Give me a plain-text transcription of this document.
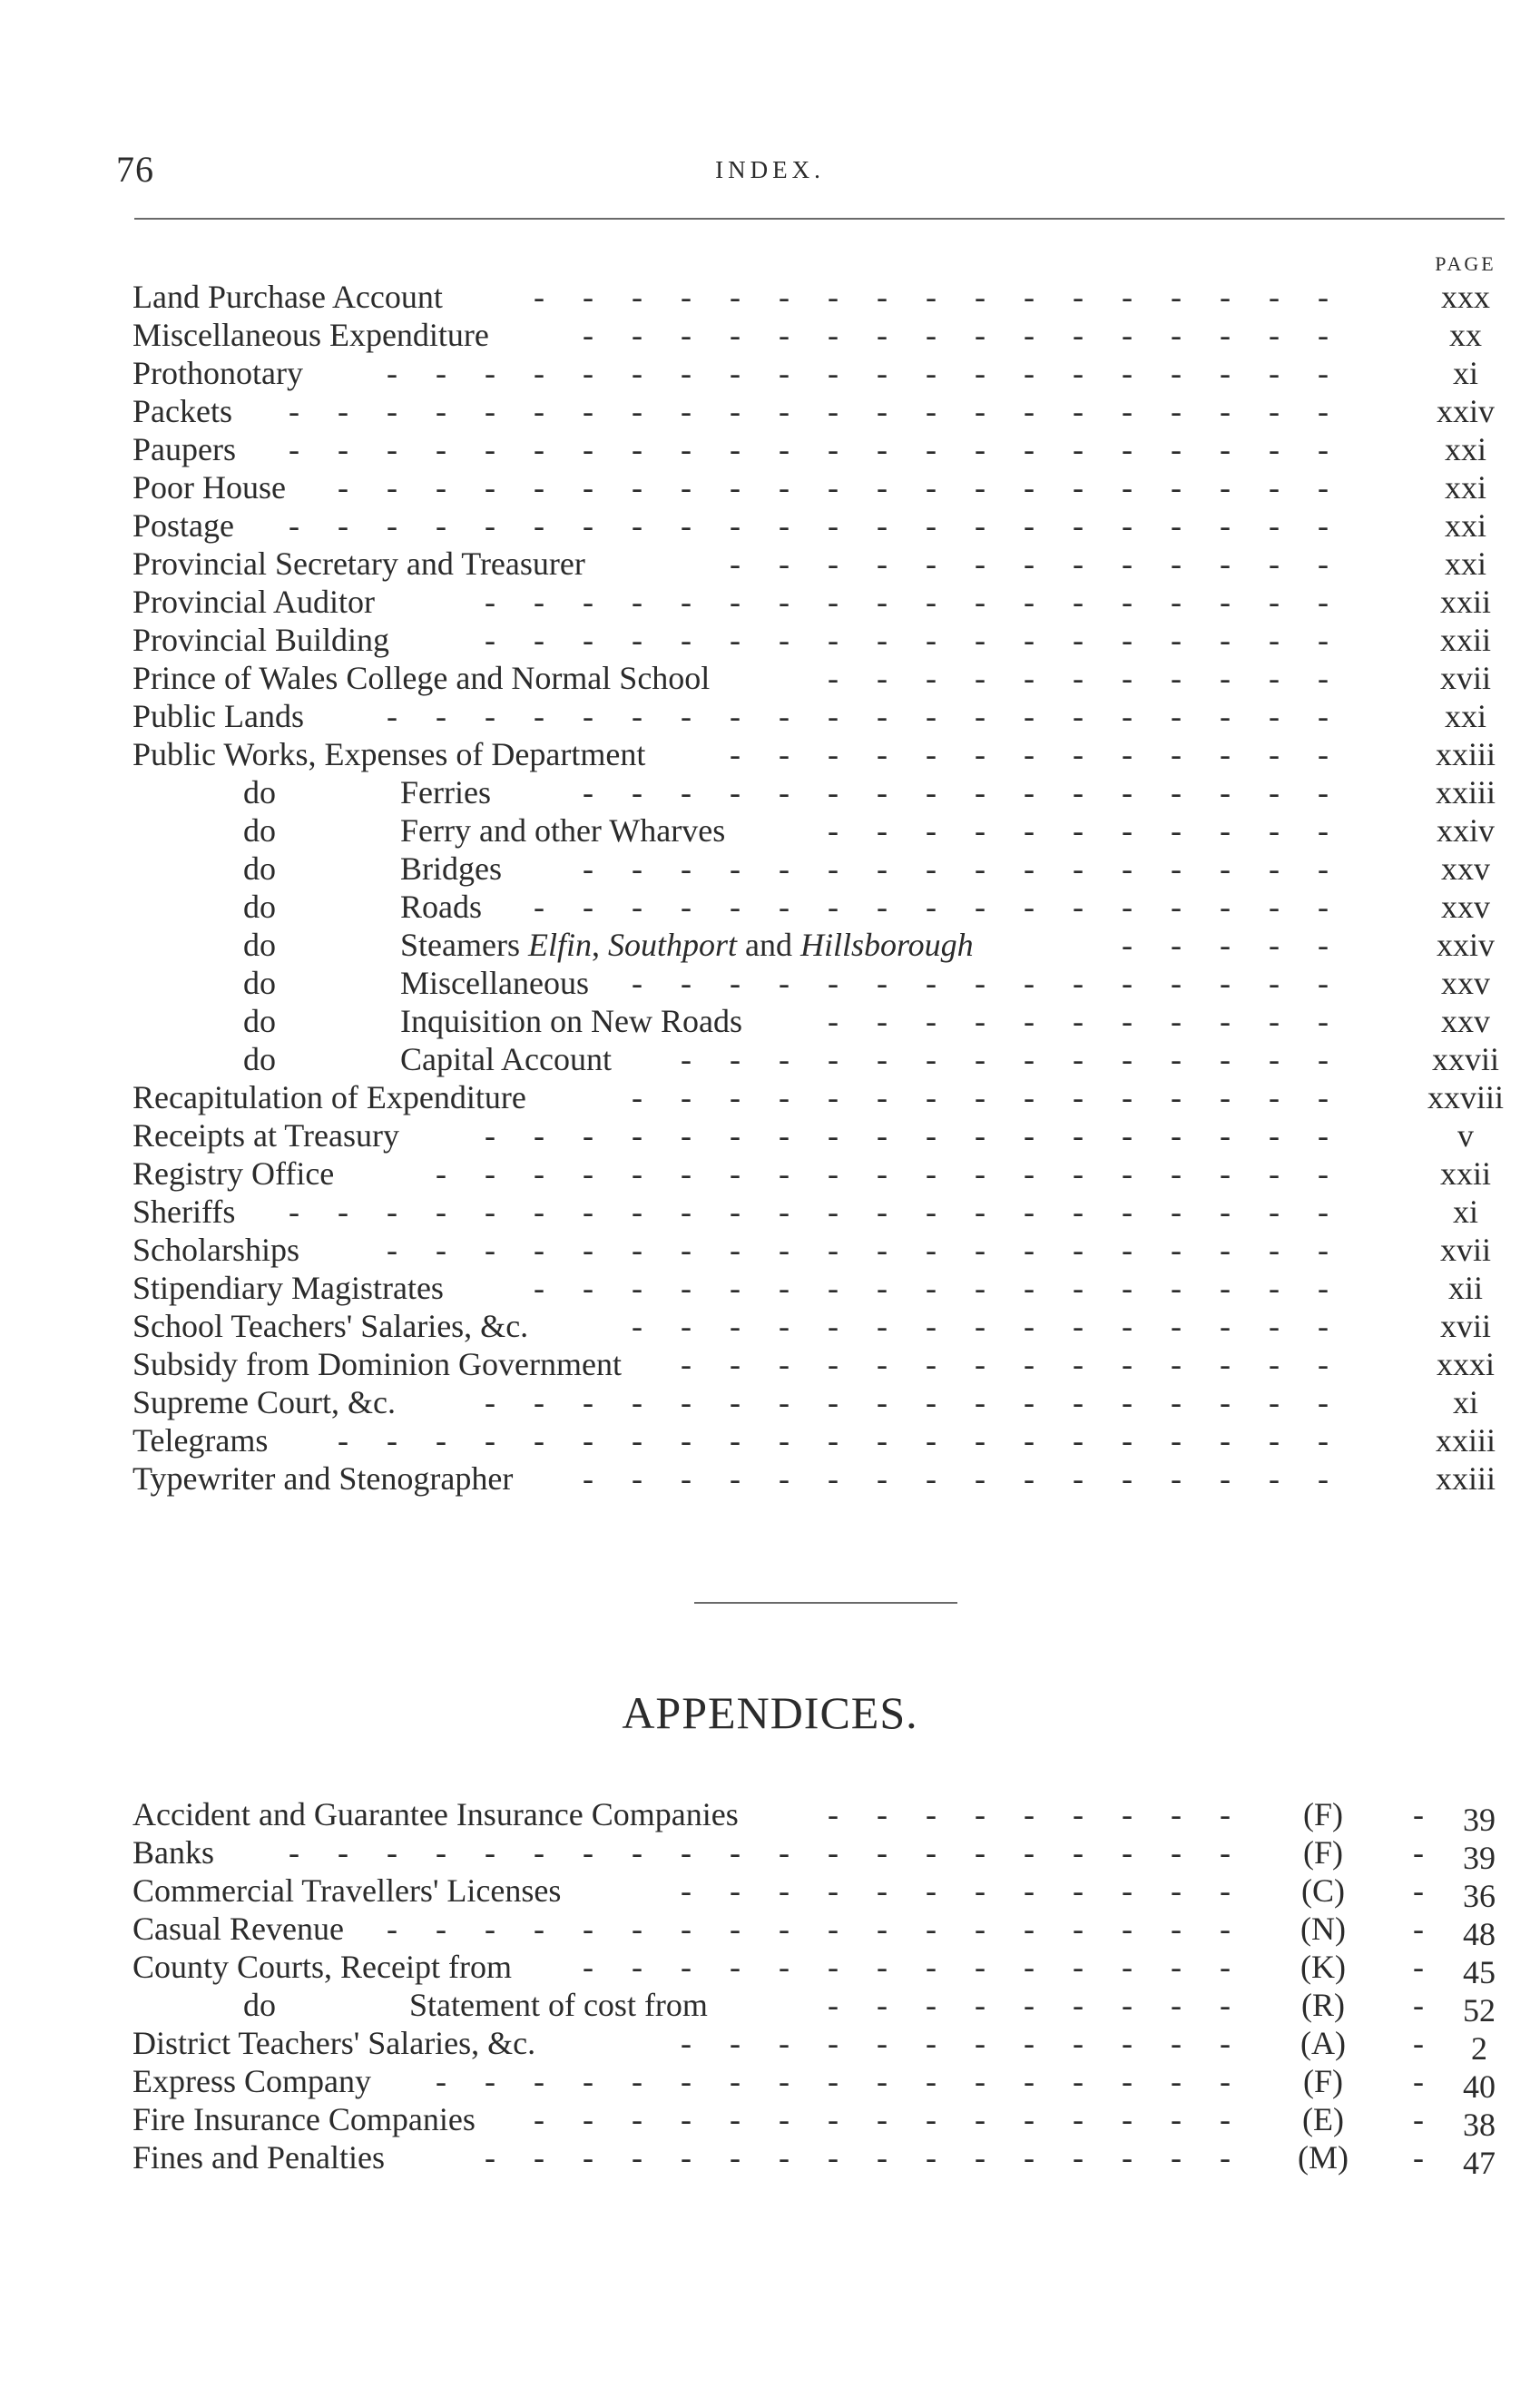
76	INDEX.
PAGE
Land Purchase Account	- - - - - - - - - - - - - - - - -	xxx
Miscellaneous Expenditure	- - - - - - - - - - - - - - - -	xx
Prothonotary	- - - - - - - - - - - - - - - - - - - -	xi
Packets - - - - - - - - - - - - - - - - - - - - - -	xxiv
Paupers - - - - - - - - - - - - - - - - - - - - - -	xxi
Poor House - - - - - - - - - - - - - - - - - - - - -	xxi
Postage - - - - - - - - - - - - - - - - - - - - - -	xxi
Provincial Secretary and Treasurer	- - - - - - - - - - - - -	xxi
Provincial Auditor	- - - - - - - - - - - - - - - - - -	xxii
Provincial Building	- - - - - - - - - - - - - - - - - -	xxii
Prince of Wales College and Normal School	- - - - - - - - - - -	xvii
Public Lands	- - - - - - - - - - - - - - - - - - - -	xxi
Public Works, Expenses of Department	- - - - - - - - - - - - -	xxiii
do	Ferries	- - - - - - - - - - - - - - - -	xxiii
do	Ferry and other Wharves	- - - - - - - - - - -	xxiv
do	Bridges - - - - - - - - - - - - - - - -	xxv
do	Roads - - - - - - - - - - - - - - - - -	xxv
do	Steamers Elfin, Southport and Hillsborough	- - - - -	xxiv
do	Miscellaneous - - - - - - - - - - - - - - -	xxv
do	Inquisition on New Roads	- - - - - - - - - - -	xxv
do	Capital Account - - - - - - - - - - - - - -	xxvii
Recapitulation of Expenditure	- - - - - - - - - - - - - - -	xxviii
Receipts at Treasury	- - - - - - - - - - - - - - - - - -	v
Registry Office	- - - - - - - - - - - - - - - - - - -	xxii
Sheriffs - - - - - - - - - - - - - - - - - - - - - -	xi
Scholarships	- - - - - - - - - - - - - - - - - - - -	xvii
Stipendiary Magistrates	- - - - - - - - - - - - - - - - -	xii
School Teachers' Salaries, &c.	- - - - - - - - - - - - - - -	xvii
Subsidy from Dominion Government - - - - - - - - - - - - - -	xxxi
Supreme Court, &c.	- - - - - - - - - - - - - - - - - -	xi
Telegrams - - - - - - - - - - - - - - - - - - - - -	xxiii
Typewriter and Stenographer - - - - - - - - - - - - - - - -	xxiii
APPENDICES.
Accident and Guarantee Insurance Companies	- - - - - - - - -	(F)	-	39
Banks - - - - - - - - - - - - - - - - - - - -	(F)	-	39
Commercial Travellers' Licenses	- - - - - - - - - - - -	(C)	-	36
Casual Revenue - - - - - - - - - - - - - - - - - -	(N)	-	48
County Courts, Receipt from - - - - - - - - - - - - - -	(K)	-	45
do	Statement of cost from	- - - - - - - - -	(R)	-	52
District Teachers' Salaries, &c.	- - - - - - - - - - - -	(A)	-	2
Express Company - - - - - - - - - - - - - - - - -	(F)	-	40
Fire Insurance Companies - - - - - - - - - - - - - - -	(E)	-	38
Fines and Penalties	- - - - - - - - - - - - - - - -	(M)	-	47
